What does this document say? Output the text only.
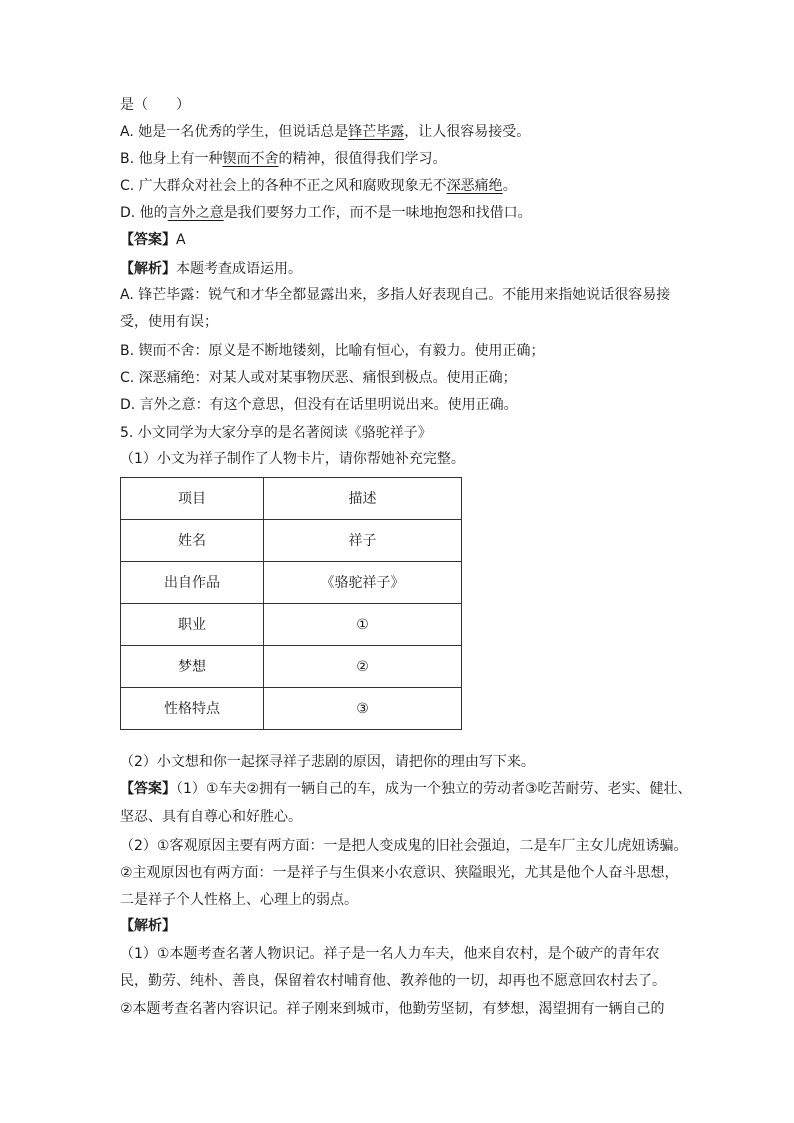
是（　　）
A. 她是一名优秀的学生，但说话总是锋芒毕露，让人很容易接受。
B. 他身上有一种锲而不舍的精神，很值得我们学习。
C. 广大群众对社会上的各种不正之风和腐败现象无不深恶痛绝。
D. 他的言外之意是我们要努力工作，而不是一味地抱怨和找借口。
【答案】A
【解析】本题考查成语运用。
A. 锋芒毕露：锐气和才华全都显露出来，多指人好表现自己。不能用来指她说话很容易接
受，使用有误；
B. 锲而不舍：原义是不断地镂刻，比喻有恒心，有毅力。使用正确；
C. 深恶痛绝：对某人或对某事物厌恶、痛恨到极点。使用正确；
D. 言外之意：有这个意思，但没有在话里明说出来。使用正确。
5. 小文同学为大家分享的是名著阅读《骆驼祥子》
（1）小文为祥子制作了人物卡片，请你帮她补充完整。
项目	描述
姓名	祥子
出自作品	《骆驼祥子》
职业	①
梦想	②
性格特点	③
（2）小文想和你一起探寻祥子悲剧的原因，请把你的理由写下来。
【答案】（1）①车夫②拥有一辆自己的车，成为一个独立的劳动者③吃苦耐劳、老实、健壮、
坚忍、具有自尊心和好胜心。
（2）①客观原因主要有两方面：一是把人变成鬼的旧社会强迫，二是车厂主女儿虎妞诱骗。
②主观原因也有两方面：一是祥子与生俱来小农意识、狭隘眼光，尤其是他个人奋斗思想，
二是祥子个人性格上、心理上的弱点。
【解析】
（1）①本题考查名著人物识记。祥子是一名人力车夫，他来自农村，是个破产的青年农
民，勤劳、纯朴、善良，保留着农村哺育他、教养他的一切，却再也不愿意回农村去了。
②本题考查名著内容识记。祥子刚来到城市，他勤劳坚韧，有梦想，渴望拥有一辆自己的
